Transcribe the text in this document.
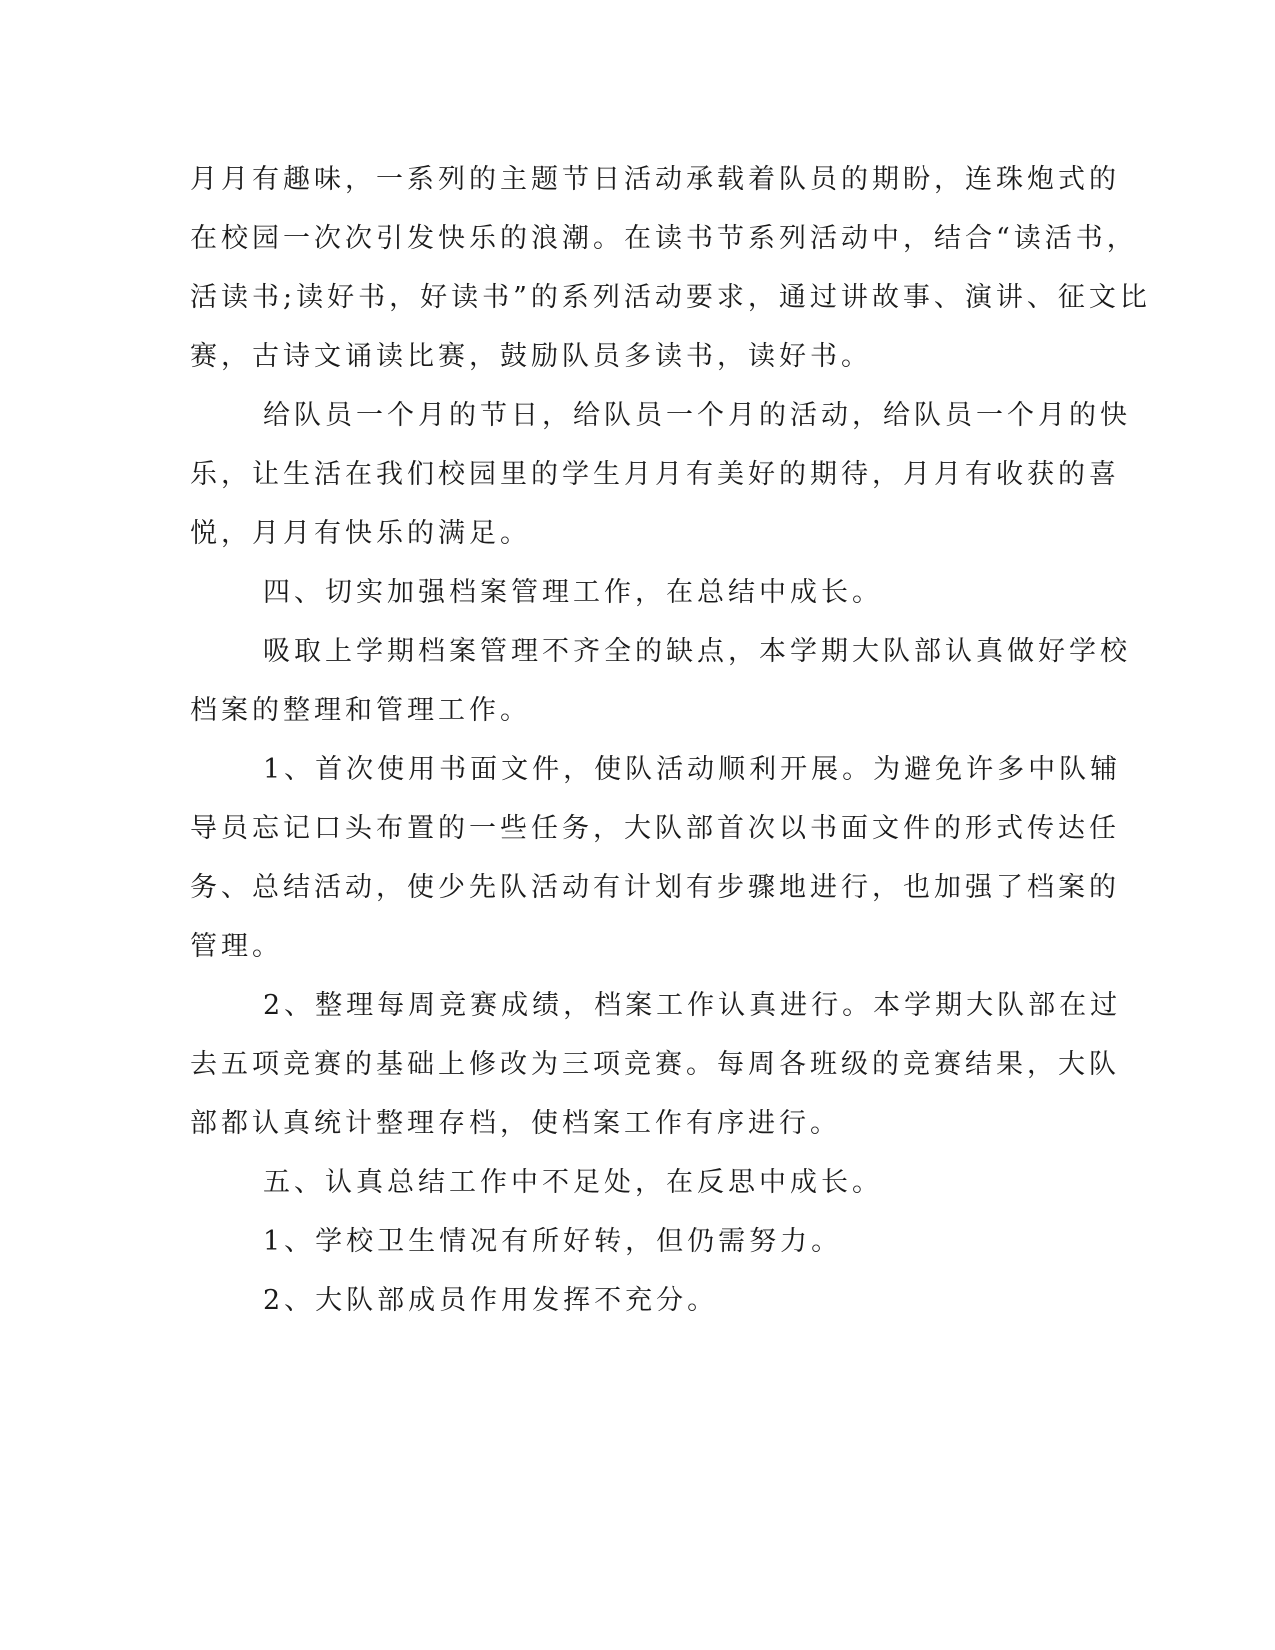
月月有趣味，一系列的主题节日活动承载着队员的期盼，连珠炮式的

在校园一次次引发快乐的浪潮。在读书节系列活动中，结合“读活书，

活读书;读好书，好读书”的系列活动要求，通过讲故事、演讲、征文比

赛，古诗文诵读比赛，鼓励队员多读书，读好书。

给队员一个月的节日，给队员一个月的活动，给队员一个月的快

乐，让生活在我们校园里的学生月月有美好的期待，月月有收获的喜

悦，月月有快乐的满足。

四、切实加强档案管理工作，在总结中成长。

吸取上学期档案管理不齐全的缺点，本学期大队部认真做好学校

档案的整理和管理工作。

1、首次使用书面文件，使队活动顺利开展。为避免许多中队辅

导员忘记口头布置的一些任务，大队部首次以书面文件的形式传达任

务、总结活动，使少先队活动有计划有步骤地进行，也加强了档案的

管理。

2、整理每周竞赛成绩，档案工作认真进行。本学期大队部在过

去五项竞赛的基础上修改为三项竞赛。每周各班级的竞赛结果，大队

部都认真统计整理存档，使档案工作有序进行。

五、认真总结工作中不足处，在反思中成长。

1、学校卫生情况有所好转，但仍需努力。

2、大队部成员作用发挥不充分。
